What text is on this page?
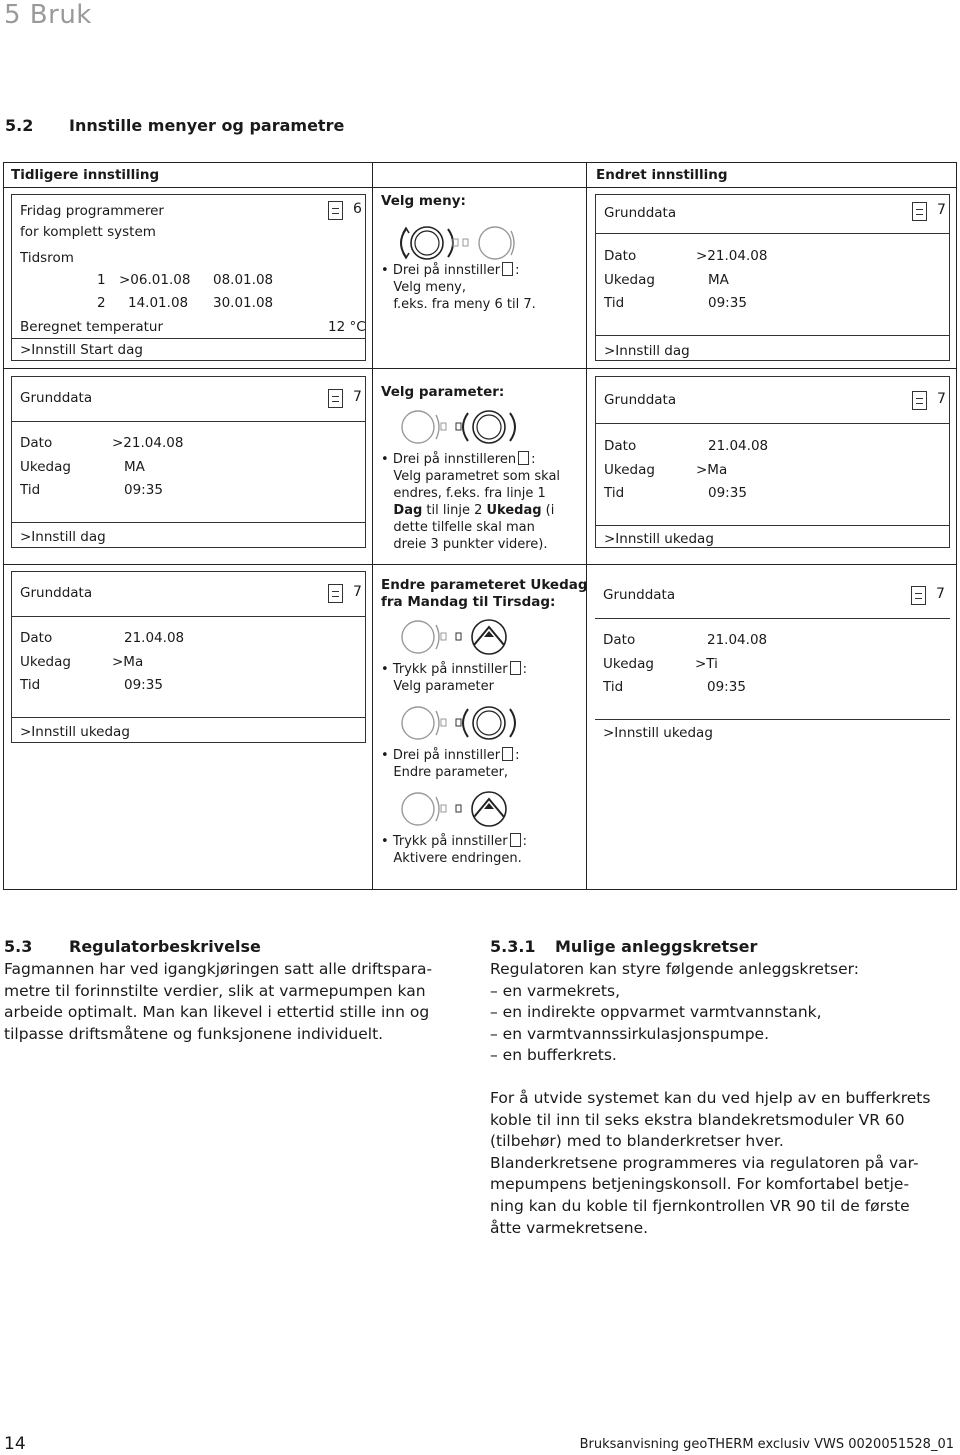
5 Bruk
5.2 Innstille menyer og parametre
Tidligere innstilling	Endret innstilling
Fridag programmerer
for komplett system
6
Tidsrom
1 >06.01.08 08.01.08
2 14.01.08 30.01.08
Beregnet temperatur	12 °C
>Innstill Start dag
Velg meny:
• Drei på innstiller :
Velg meny,
f.eks. fra meny 6 til 7.
Grunddata	7
Dato	>21.04.08
Ukedag	MA
Tid	09:35
>Innstill dag
Grunddata	7
Dato	>21.04.08
Ukedag	MA
Tid	09:35
>Innstill dag
Velg parameter:
• Drei på innstilleren :
Velg parametret som skal
endres, f.eks. fra linje 1
Dag til linje 2 Ukedag (i
dette tilfelle skal man
dreie 3 punkter videre).
Grunddata	7
Dato	21.04.08
Ukedag	>Ma
Tid	09:35
>Innstill ukedag
Grunddata	7
Dato	21.04.08
Ukedag	>Ma
Tid	09:35
>Innstill ukedag
Endre parameteret Ukedag
fra Mandag til Tirsdag:
• Trykk på innstiller :
Velg parameter
• Drei på innstiller :
Endre parameter,
• Trykk på innstiller :
Aktivere endringen.
Grunddata	7
Dato	21.04.08
Ukedag	>Ti
Tid	09:35
>Innstill ukedag
5.3 Regulatorbeskrivelse
Fagmannen har ved igangkjøringen satt alle driftspara-
metre til forinnstilte verdier, slik at varmepumpen kan
arbeide optimalt. Man kan likevel i ettertid stille inn og
tilpasse driftsmåtene og funksjonene individuelt.
5.3.1 Mulige anleggskretser
Regulatoren kan styre følgende anleggskretser:
– en varmekrets,
– en indirekte oppvarmet varmtvannstank,
– en varmtvannssirkulasjonspumpe.
– en bufferkrets.
For å utvide systemet kan du ved hjelp av en bufferkrets
koble til inn til seks ekstra blandekretsmoduler VR 60
(tilbehør) med to blanderkretser hver.
Blanderkretsene programmeres via regulatoren på var-
mepumpens betjeningskonsoll. For komfortabel betje-
ning kan du koble til fjernkontrollen VR 90 til de første
åtte varmekretsene.
14	Bruksanvisning geoTHERM exclusiv VWS 0020051528_01
